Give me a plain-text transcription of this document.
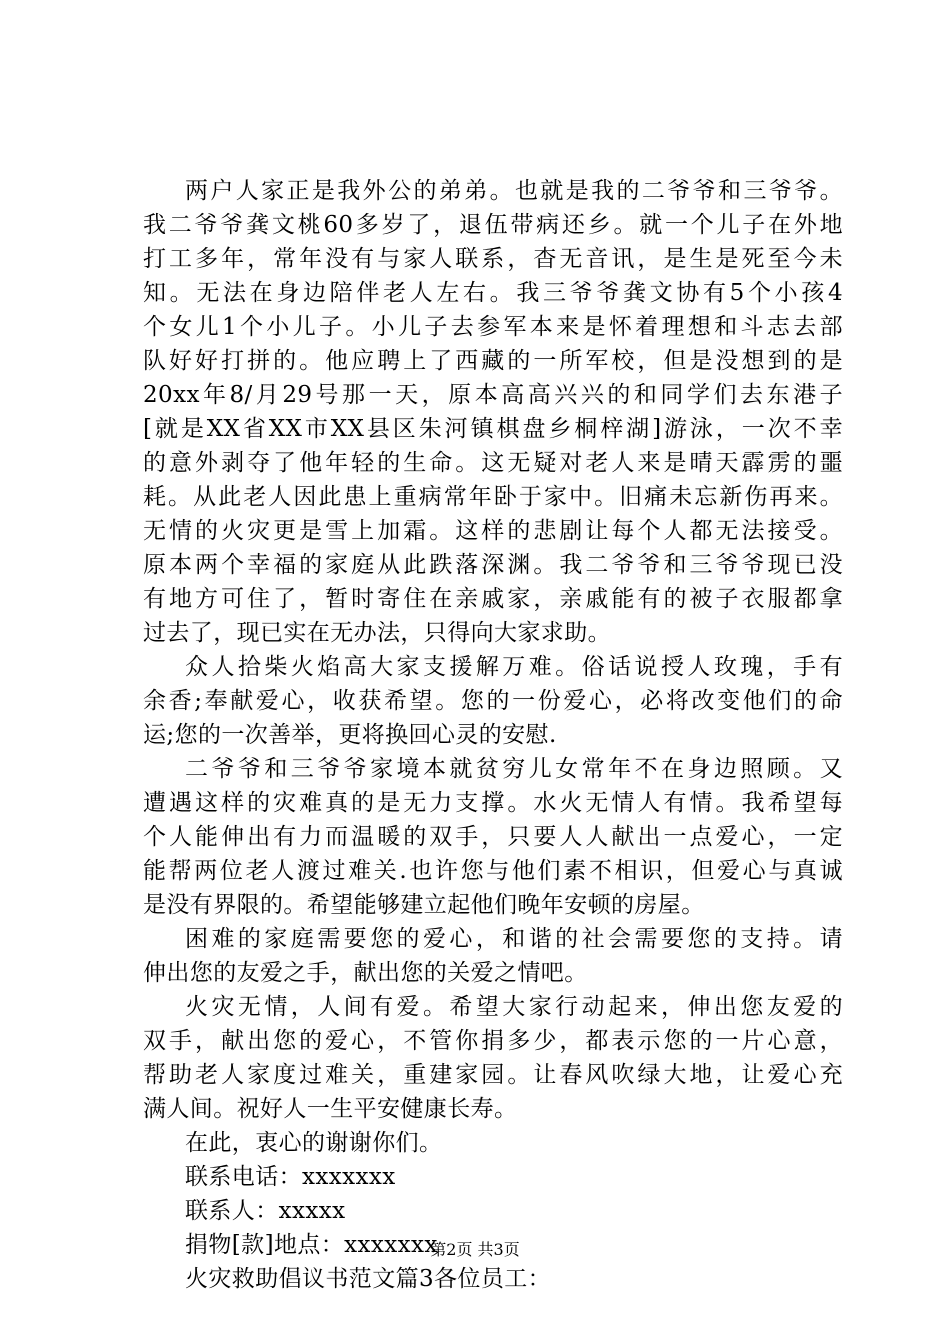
两户人家正是我外公的弟弟。也就是我的二爷爷和三爷爷。
我二爷爷龚文桃60多岁了，退伍带病还乡。就一个儿子在外地
打工多年，常年没有与家人联系，杳无音讯，是生是死至今未
知。无法在身边陪伴老人左右。我三爷爷龚文协有5个小孩4
个女儿1个小儿子。小儿子去参军本来是怀着理想和斗志去部
队好好打拼的。他应聘上了西藏的一所军校，但是没想到的是
20xx年8/月29号那一天，原本高高兴兴的和同学们去东港子
[就是XX省XX市XX县区朱河镇棋盘乡桐梓湖]游泳，一次不幸
的意外剥夺了他年轻的生命。这无疑对老人来是晴天霹雳的噩
耗。从此老人因此患上重病常年卧于家中。旧痛未忘新伤再来。
无情的火灾更是雪上加霜。这样的悲剧让每个人都无法接受。
原本两个幸福的家庭从此跌落深渊。我二爷爷和三爷爷现已没
有地方可住了，暂时寄住在亲戚家，亲戚能有的被子衣服都拿
过去了，现已实在无办法，只得向大家求助。
众人拾柴火焰高大家支援解万难。俗话说授人玫瑰，手有
余香;奉献爱心，收获希望。您的一份爱心，必将改变他们的命
运;您的一次善举，更将换回心灵的安慰.
二爷爷和三爷爷家境本就贫穷儿女常年不在身边照顾。又
遭遇这样的灾难真的是无力支撑。水火无情人有情。我希望每
个人能伸出有力而温暖的双手，只要人人献出一点爱心，一定
能帮两位老人渡过难关.也许您与他们素不相识，但爱心与真诚
是没有界限的。希望能够建立起他们晚年安顿的房屋。
困难的家庭需要您的爱心，和谐的社会需要您的支持。请
伸出您的友爱之手，献出您的关爱之情吧。
火灾无情，人间有爱。希望大家行动起来，伸出您友爱的
双手，献出您的爱心，不管你捐多少，都表示您的一片心意，
帮助老人家度过难关，重建家园。让春风吹绿大地，让爱心充
满人间。祝好人一生平安健康长寿。
在此，衷心的谢谢你们。
联系电话：xxxxxxx
联系人：xxxxx
捐物[款]地点：xxxxxxx
火灾救助倡议书范文篇3各位员工：
第2页 共3页
